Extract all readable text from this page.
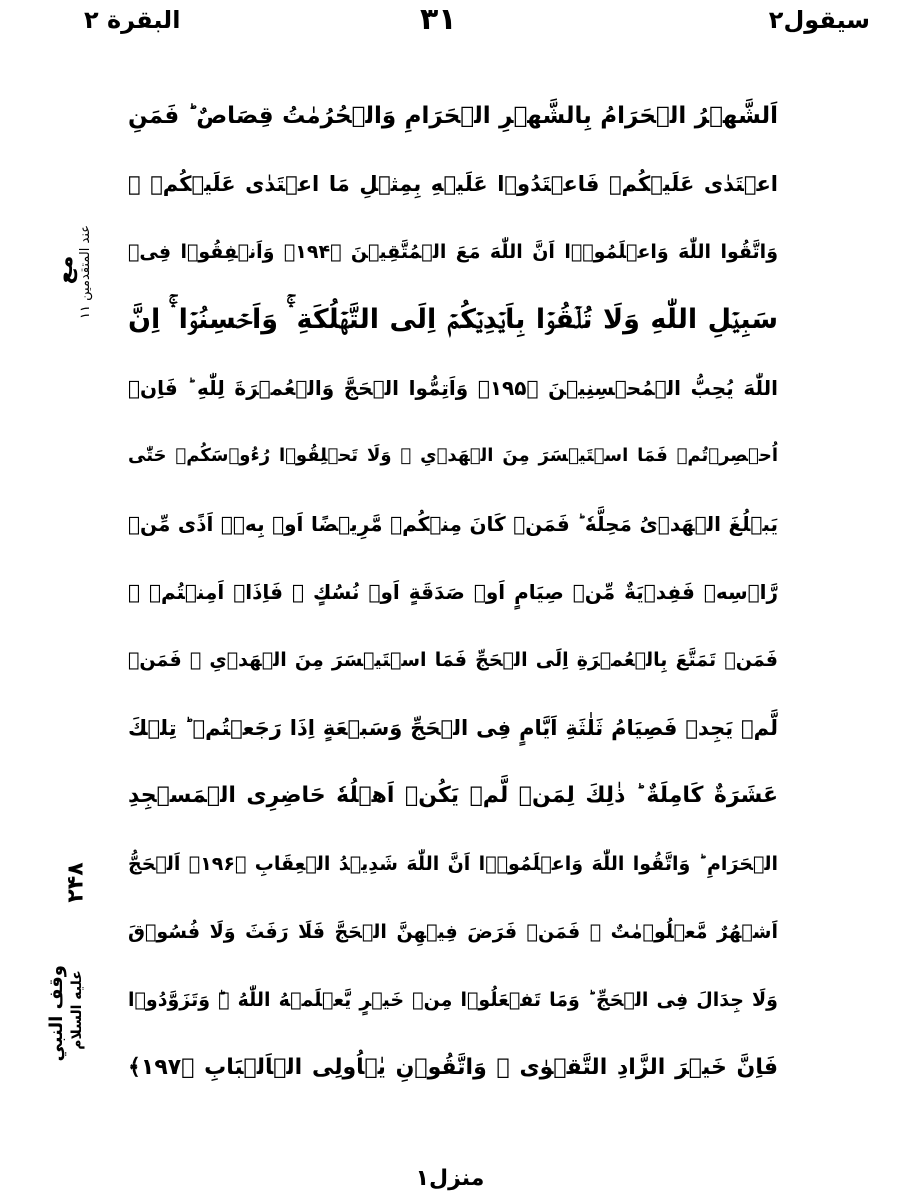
البقرة ٢	۳۱	سيقول٢
اَلشَّهۡرُ الۡحَرَامُ بِالشَّهۡرِ الۡحَرَامِ وَالۡحُرُمٰتُ قِصَاصٌ ؕ فَمَنِ
اعۡتَدٰى عَلَيۡكُمۡ فَاعۡتَدُوۡا عَلَيۡهِ بِمِثۡلِ مَا اعۡتَدٰى عَلَيۡكُمۡ ۖ
وَاتَّقُوا اللّٰهَ وَاعۡلَمُوۡۤا اَنَّ اللّٰهَ مَعَ الۡمُتَّقِيۡنَ ﴿۱۹۴﴾ وَاَنۡفِقُوۡا فِىۡ
سَبِيۡلِ اللّٰهِ وَلَا تُلۡقُوۡا بِاَيۡدِيۡكُمۡ اِلَى التَّهۡلُكَةِ ۛۚ وَاَحۡسِنُوۡا ۛۚ اِنَّ
اللّٰهَ يُحِبُّ الۡمُحۡسِنِيۡنَ ﴿۱۹۵﴾ وَاَتِمُّوا الۡحَجَّ وَالۡعُمۡرَةَ لِلّٰهِ ؕ فَاِنۡ
اُحۡصِرۡتُمۡ فَمَا اسۡتَيۡسَرَ مِنَ الۡهَدۡىِ ۚ وَلَا تَحۡلِقُوۡا رُءُوۡسَكُمۡ حَتّٰى
يَبۡلُغَ الۡهَدۡىُ مَحِلَّهٗ ؕ فَمَنۡ كَانَ مِنۡكُمۡ مَّرِيۡضًا اَوۡ بِهٖۤ اَذًى مِّنۡ
رَّاۡسِهٖ فَفِدۡيَةٌ مِّنۡ صِيَامٍ اَوۡ صَدَقَةٍ اَوۡ نُسُكٍ ۚ فَاِذَاۤ اَمِنۡتُمۡ ۛ
فَمَنۡ تَمَتَّعَ بِالۡعُمۡرَةِ اِلَى الۡحَجِّ فَمَا اسۡتَيۡسَرَ مِنَ الۡهَدۡىِ ۚ فَمَنۡ
لَّمۡ يَجِدۡ فَصِيَامُ ثَلٰثَةِ اَيَّامٍ فِى الۡحَجِّ وَسَبۡعَةٍ اِذَا رَجَعۡتُمۡ ؕ تِلۡكَ
عَشَرَةٌ كَامِلَةٌ ؕ ذٰلِكَ لِمَنۡ لَّمۡ يَكُنۡ اَهۡلُهٗ حَاضِرِى الۡمَسۡجِدِ
الۡحَرَامِ ؕ وَاتَّقُوا اللّٰهَ وَاعۡلَمُوۡۤا اَنَّ اللّٰهَ شَدِيۡدُ الۡعِقَابِ ﴿۱۹۶﴾ اَلۡحَجُّ
اَشۡهُرٌ مَّعۡلُوۡمٰتٌ ۚ فَمَنۡ فَرَضَ فِيۡهِنَّ الۡحَجَّ فَلَا رَفَثَ وَلَا فُسُوۡقَ
وَلَا جِدَالَ فِى الۡحَجِّ ؕ وَمَا تَفۡعَلُوۡا مِنۡ خَيۡرٍ يَّعۡلَمۡهُ اللّٰهُ ؔؕ وَتَزَوَّدُوۡا
فَاِنَّ خَيۡرَ الزَّادِ التَّقۡوٰى ۖ وَاتَّقُوۡنِ يٰۤاُولِى الۡاَلۡبَابِ ﴿۱۹۷﴾
مع
عند المتقدمين ١١
۲۴۸
وقف النبي عليه السلام
منزل١
